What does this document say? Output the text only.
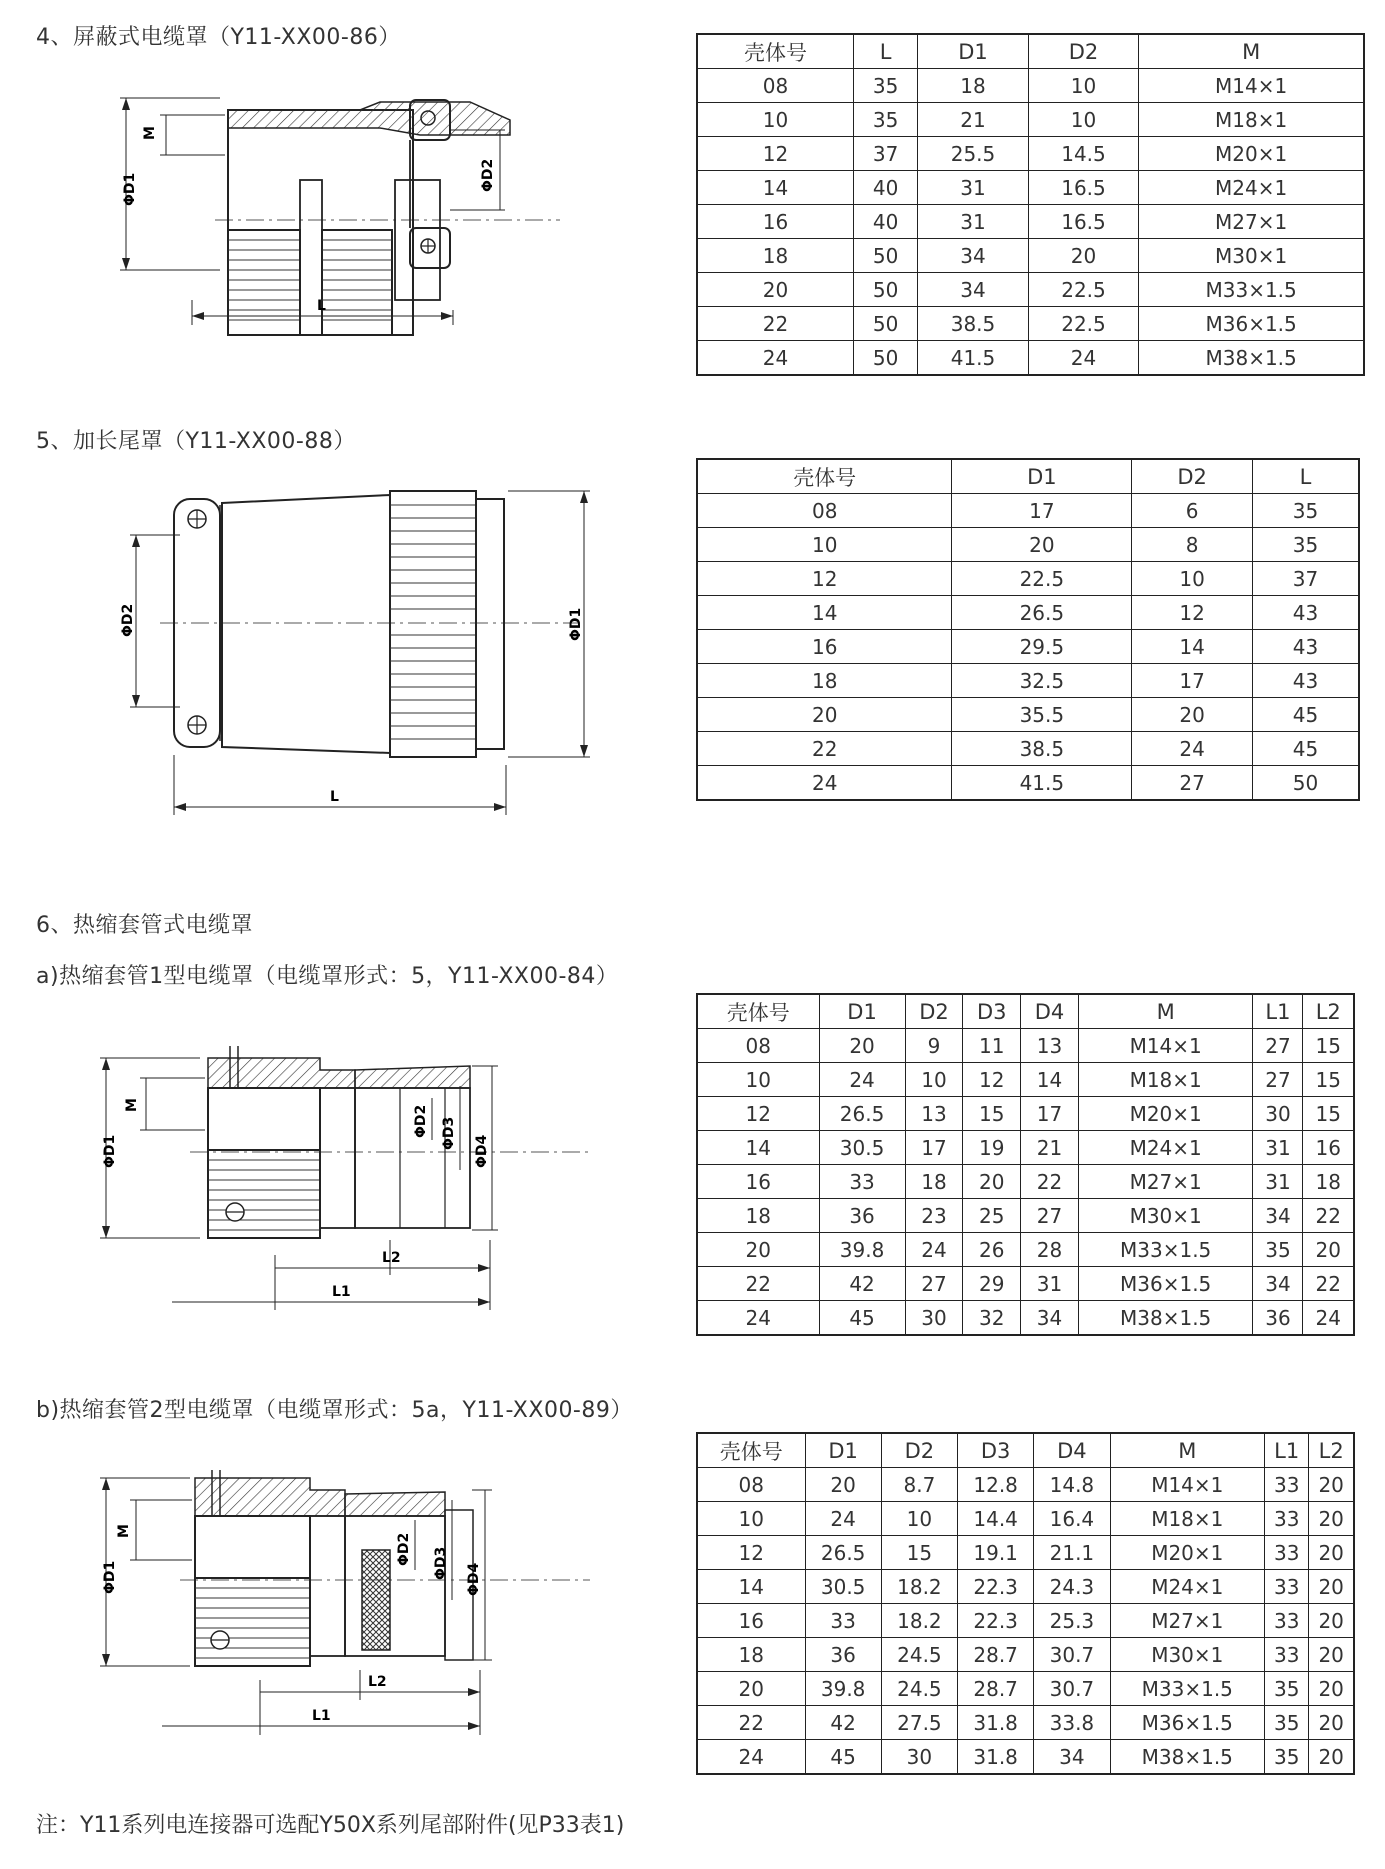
4、屏蔽式电缆罩（Y11-XX00-86）
ΦD1
M
ΦD2
L
壳体号	L	D1	D2	M
08	35	18	10	M14×1
10	35	21	10	M18×1
12	37	25.5	14.5	M20×1
14	40	31	16.5	M24×1
16	40	31	16.5	M27×1
18	50	34	20	M30×1
20	50	34	22.5	M33×1.5
22	50	38.5	22.5	M36×1.5
24	50	41.5	24	M38×1.5
5、加长尾罩（Y11-XX00-88）
ΦD2	ΦD1
L
壳体号	D1	D2	L
08	17	6	35
10	20	8	35
12	22.5	10	37
14	26.5	12	43
16	29.5	14	43
18	32.5	17	43
20	35.5	20	45
22	38.5	24	45
24	41.5	27	50
6、热缩套管式电缆罩
a)热缩套管1型电缆罩（电缆罩形式：5，Y11-XX00-84）
ΦD1
M	ΦD2 ΦD3
ΦD4
L2
L1
壳体号	D1	D2	D3	D4	M	L1	L2
08	20	9	11	13	M14×1	27	15
10	24	10	12	14	M18×1	27	15
12	26.5	13	15	17	M20×1	30	15
14	30.5	17	19	21	M24×1	31	16
16	33	18	20	22	M27×1	31	18
18	36	23	25	27	M30×1	34	22
20	39.8	24	26	28	M33×1.5	35	20
22	42	27	29	31	M36×1.5	34	22
24	45	30	32	34	M38×1.5	36	24
b)热缩套管2型电缆罩（电缆罩形式：5a，Y11-XX00-89）
ΦD1
M
ΦD2 ΦD3 ΦD4
L2
L1
壳体号	D1	D2	D3	D4	M	L1	L2
08	20	8.7	12.8	14.8	M14×1	33	20
10	24	10	14.4	16.4	M18×1	33	20
12	26.5	15	19.1	21.1	M20×1	33	20
14	30.5	18.2	22.3	24.3	M24×1	33	20
16	33	18.2	22.3	25.3	M27×1	33	20
18	36	24.5	28.7	30.7	M30×1	33	20
20	39.8	24.5	28.7	30.7	M33×1.5	35	20
22	42	27.5	31.8	33.8	M36×1.5	35	20
24	45	30	31.8	34	M38×1.5	35	20
注：Y11系列电连接器可选配Y50X系列尾部附件(见P33表1)
